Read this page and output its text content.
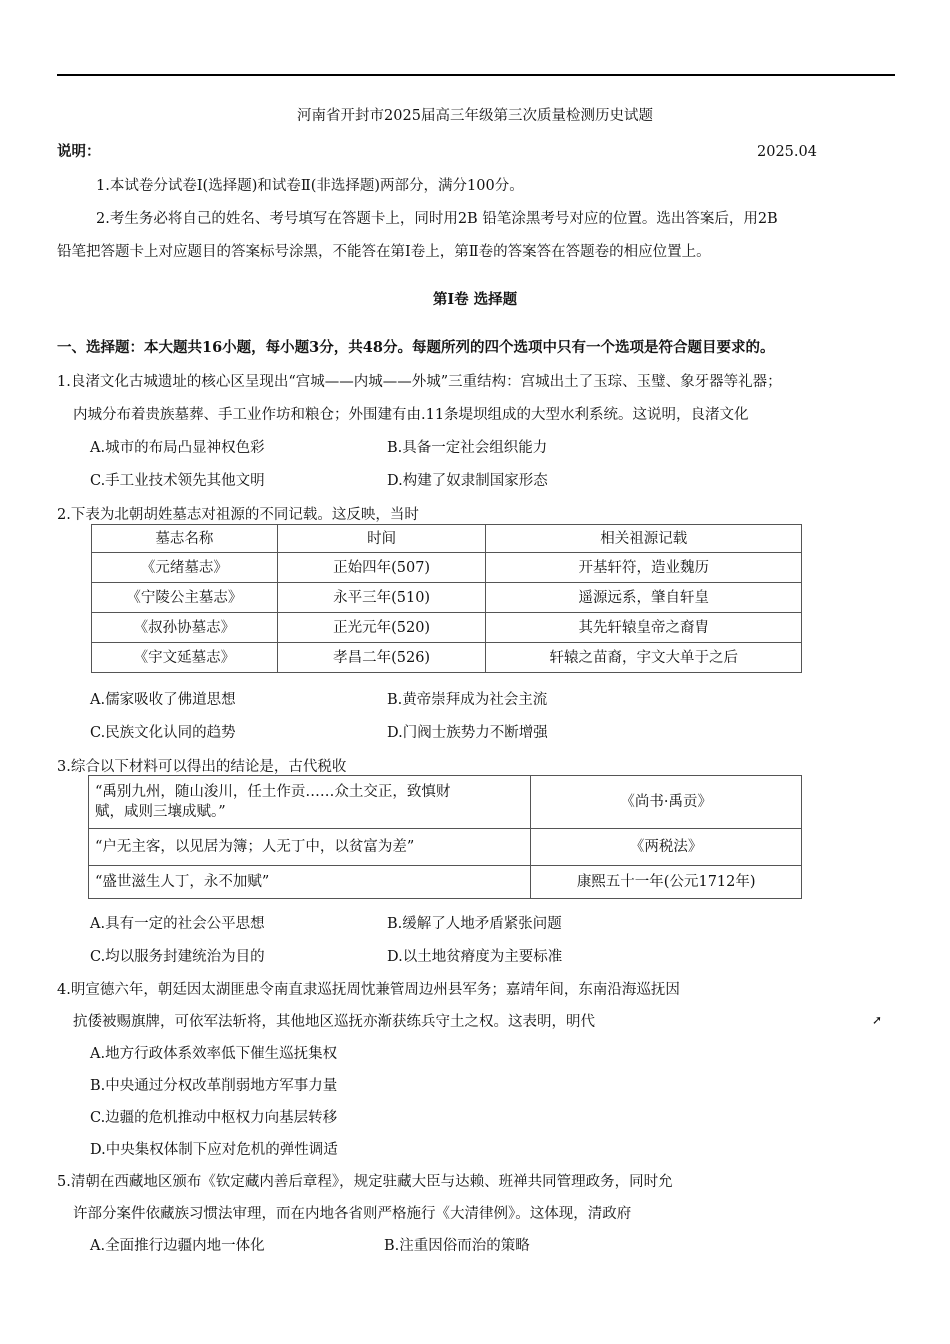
河南省开封市2025届高三年级第三次质量检测历史试题
说明：	2025.04
1.本试卷分试卷Ⅰ(选择题)和试卷Ⅱ(非选择题)两部分，满分100分。
2.考生务必将自己的姓名、考号填写在答题卡上，同时用2B 铅笔涂黑考号对应的位置。选出答案后，用2B
铅笔把答题卡上对应题目的答案标号涂黑，不能答在第Ⅰ卷上，第Ⅱ卷的答案答在答题卷的相应位置上。
第Ⅰ卷 选择题
一、选择题：本大题共16小题，每小题3分，共48分。每题所列的四个选项中只有一个选项是符合题目要求的。
1.良渚文化古城遗址的核心区呈现出“宫城——内城——外城”三重结构：宫城出土了玉琮、玉璧、象牙器等礼器；
内城分布着贵族墓葬、手工业作坊和粮仓；外围建有由.11条堤坝组成的大型水利系统。这说明，良渚文化
A.城市的布局凸显神权色彩	B.具备一定社会组织能力
C.手工业技术领先其他文明	D.构建了奴隶制国家形态
2.下表为北朝胡姓墓志对祖源的不同记载。这反映，当时
墓志名称	时间	相关祖源记载
《元绪墓志》	正始四年(507)	开基轩符，造业魏历
《宁陵公主墓志》	永平三年(510)	遥源远系，肇自轩皇
《叔孙协墓志》	正光元年(520)	其先轩辕皇帝之裔胄
《宇文延墓志》	孝昌二年(526)	轩辕之苗裔，宇文大单于之后
A.儒家吸收了佛道思想	B.黄帝崇拜成为社会主流
C.民族文化认同的趋势	D.门阀士族势力不断增强
3.综合以下材料可以得出的结论是，古代税收
“禹别九州，随山浚川，任土作贡……众土交正，致慎财
赋，咸则三壤成赋。”	《尚书·禹贡》
“户无主客，以见居为簿；人无丁中，以贫富为差”	《两税法》
“盛世滋生人丁，永不加赋”	康熙五十一年(公元1712年)
A.具有一定的社会公平思想	B.缓解了人地矛盾紧张问题
C.均以服务封建统治为目的	D.以土地贫瘠度为主要标准
4.明宣德六年，朝廷因太湖匪患令南直隶巡抚周忱兼管周边州县军务；嘉靖年间，东南沿海巡抚因
抗倭被赐旗牌，可依军法斩将，其他地区巡抚亦渐获练兵守土之权。这表明，明代	➚
A.地方行政体系效率低下催生巡抚集权
B.中央通过分权改革削弱地方军事力量
C.边疆的危机推动中枢权力向基层转移
D.中央集权体制下应对危机的弹性调适
5.清朝在西藏地区颁布《钦定藏内善后章程》，规定驻藏大臣与达赖、班禅共同管理政务，同时允
许部分案件依藏族习惯法审理，而在内地各省则严格施行《大清律例》。这体现，清政府
A.全面推行边疆内地一体化	B.注重因俗而治的策略
